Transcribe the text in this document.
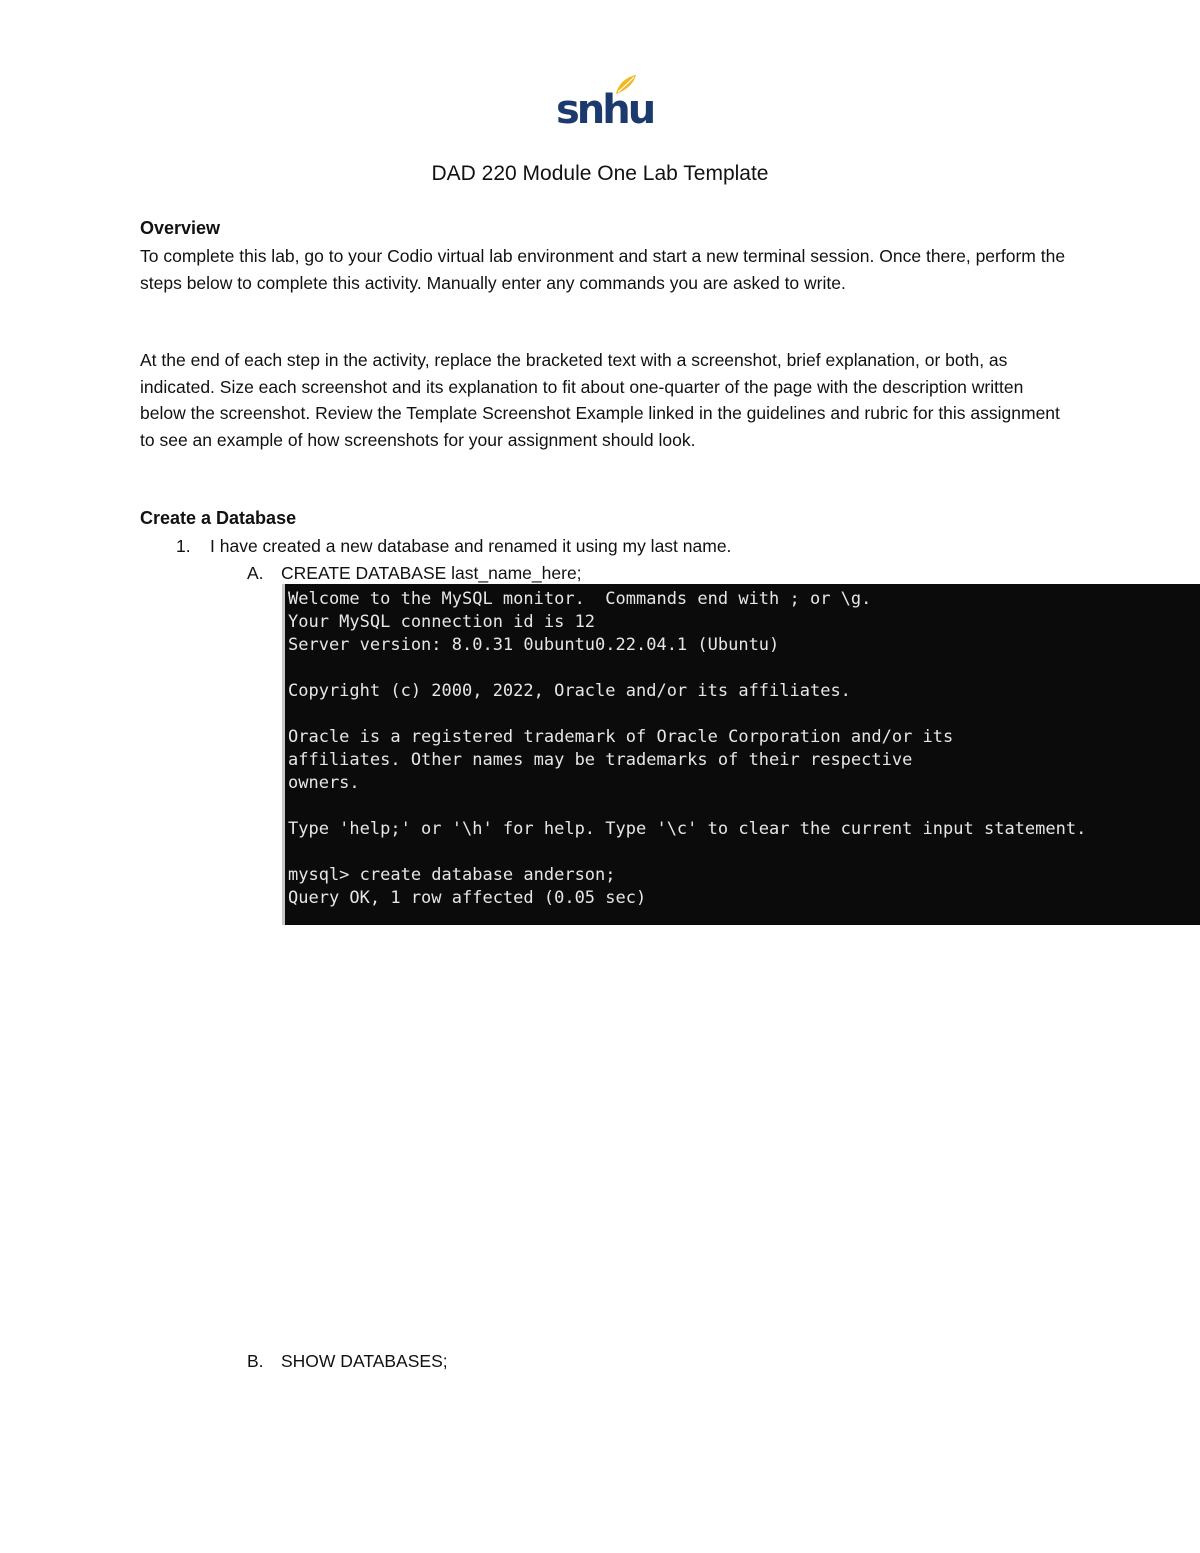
snhu
DAD 220 Module One Lab Template
Overview

To complete this lab, go to your Codio virtual lab environment and start a new terminal session. Once there, perform the steps below to complete this activity. Manually enter any commands you are asked to write.

At the end of each step in the activity, replace the bracketed text with a screenshot, brief explanation, or both, as indicated. Size each screenshot and its explanation to fit about one-quarter of the page with the description written below the screenshot. Review the Template Screenshot Example linked in the guidelines and rubric for this assignment to see an example of how screenshots for your assignment should look.

Create a Database
1. I have created a new database and renamed it using my last name.
A. CREATE DATABASE last_name_here;
Welcome to the MySQL monitor.  Commands end with ; or \g.
Your MySQL connection id is 12
Server version: 8.0.31 0ubuntu0.22.04.1 (Ubuntu)
Copyright (c) 2000, 2022, Oracle and/or its affiliates.
Oracle is a registered trademark of Oracle Corporation and/or its
affiliates. Other names may be trademarks of their respective
owners.
Type 'help;' or '\h' for help. Type '\c' to clear the current input statement.
mysql> create database anderson;
Query OK, 1 row affected (0.05 sec)
B. SHOW DATABASES;
